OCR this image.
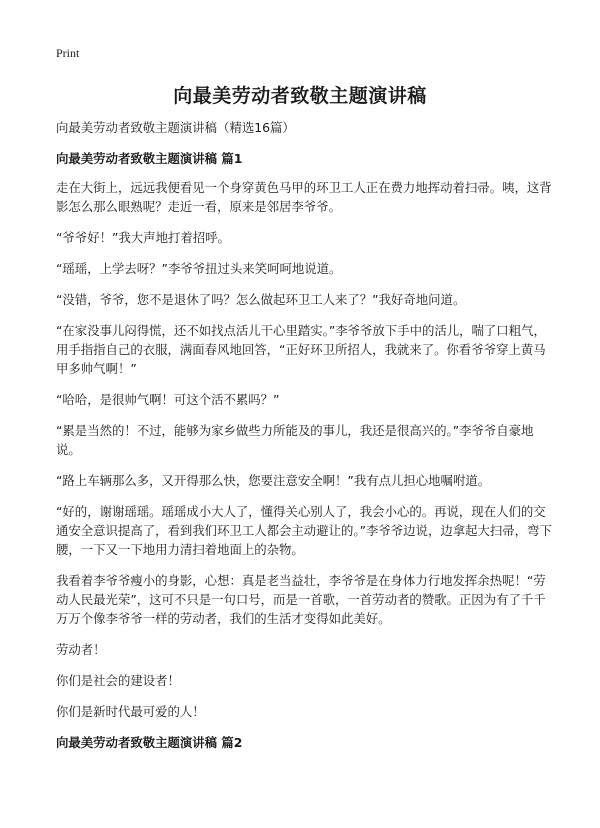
Print
向最美劳动者致敬主题演讲稿

向最美劳动者致敬主题演讲稿（精选16篇）

向最美劳动者致敬主题演讲稿 篇1

走在大街上，远远我便看见一个身穿黄色马甲的环卫工人正在费力地挥动着扫帚。咦，这背影怎么那么眼熟呢？走近一看，原来是邻居李爷爷。

“爷爷好！”我大声地打着招呼。

“瑶瑶，上学去呀？”李爷爷扭过头来笑呵呵地说道。

“没错，爷爷，您不是退休了吗？怎么做起环卫工人来了？”我好奇地问道。

“在家没事儿闷得慌，还不如找点活儿干心里踏实。”李爷爷放下手中的活儿，喘了口粗气，用手指指自己的衣服，满面春风地回答，“正好环卫所招人，我就来了。你看爷爷穿上黄马甲多帅气啊！”

“哈哈，是很帅气啊！可这个活不累吗？”

“累是当然的！不过，能够为家乡做些力所能及的事儿，我还是很高兴的。”李爷爷自豪地说。

“路上车辆那么多，又开得那么快，您要注意安全啊！”我有点儿担心地嘱咐道。

“好的，谢谢瑶瑶。瑶瑶成小大人了，懂得关心别人了，我会小心的。再说，现在人们的交通安全意识提高了，看到我们环卫工人都会主动避让的。”李爷爷边说，边拿起大扫帚，弯下腰，一下又一下地用力清扫着地面上的杂物。

我看着李爷爷瘦小的身影，心想：真是老当益壮，李爷爷是在身体力行地发挥余热呢！“劳动人民最光荣”，这可不只是一句口号，而是一首歌，一首劳动者的赞歌。正因为有了千千万万个像李爷爷一样的劳动者，我们的生活才变得如此美好。

劳动者！

你们是社会的建设者！

你们是新时代最可爱的人！

向最美劳动者致敬主题演讲稿 篇2
